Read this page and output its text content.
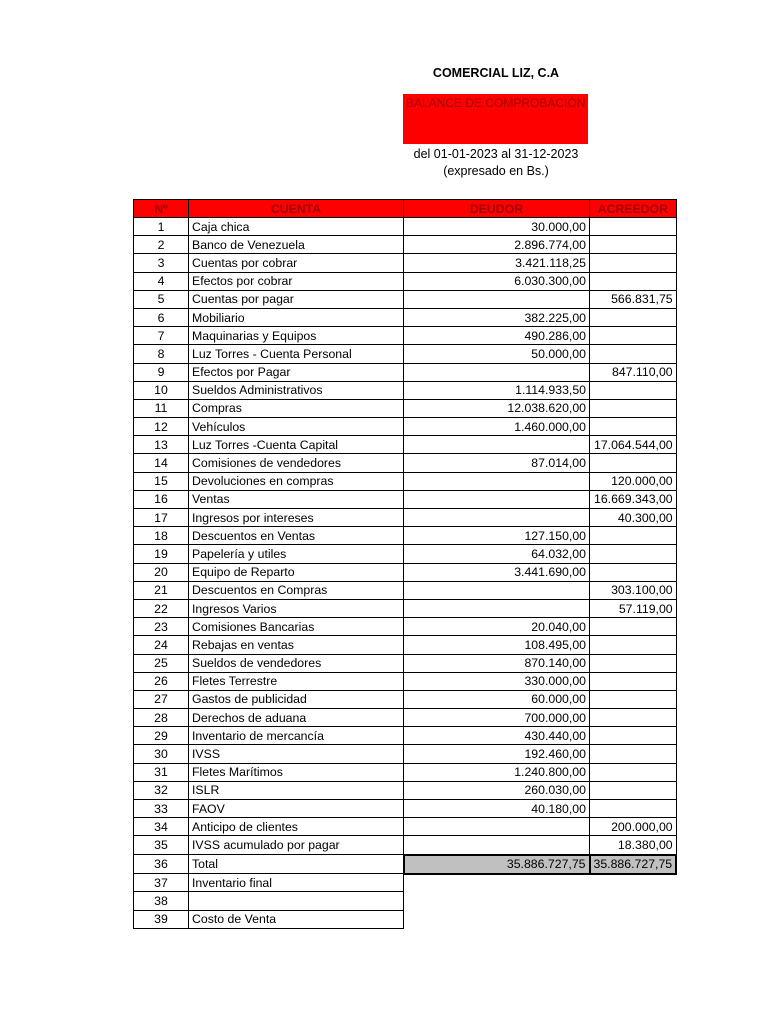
COMERCIAL LIZ, C.A
BALANCE DE COMPROBACIÓN
del 01-01-2023 al 31-12-2023
(expresado en Bs.)
Nº	CUENTA	DEUDOR	ACREEDOR
1	Caja chica	30.000,00	
2	Banco de Venezuela	2.896.774,00	
3	Cuentas por cobrar	3.421.118,25	
4	Efectos por cobrar	6.030.300,00	
5	Cuentas por pagar		566.831,75
6	Mobiliario	382.225,00	
7	Maquinarias y Equipos	490.286,00	
8	Luz Torres - Cuenta Personal	50.000,00	
9	Efectos por Pagar		847.110,00
10	Sueldos Administrativos	1.114.933,50	
11	Compras	12.038.620,00	
12	Vehículos	1.460.000,00	
13	Luz Torres -Cuenta Capital		17.064.544,00
14	Comisiones de vendedores	87.014,00	
15	Devoluciones en compras		120.000,00
16	Ventas		16.669.343,00
17	Ingresos por intereses		40.300,00
18	Descuentos en Ventas	127.150,00	
19	Papelería y utiles	64.032,00	
20	Equipo de Reparto	3.441.690,00	
21	Descuentos en Compras		303.100,00
22	Ingresos Varios		57.119,00
23	Comisiones Bancarias	20.040,00	
24	Rebajas en ventas	108.495,00	
25	Sueldos de vendedores	870.140,00	
26	Fletes Terrestre	330.000,00	
27	Gastos de publicidad	60.000,00	
28	Derechos de aduana	700.000,00	
29	Inventario de mercancía	430.440,00	
30	IVSS	192.460,00	
31	Fletes Marítimos	1.240.800,00	
32	ISLR	260.030,00	
33	FAOV	40.180,00	
34	Anticipo de clientes		200.000,00
35	IVSS acumulado por pagar		18.380,00
36	Total	35.886.727,75	35.886.727,75
37	Inventario final		
38			
39	Costo de Venta		
